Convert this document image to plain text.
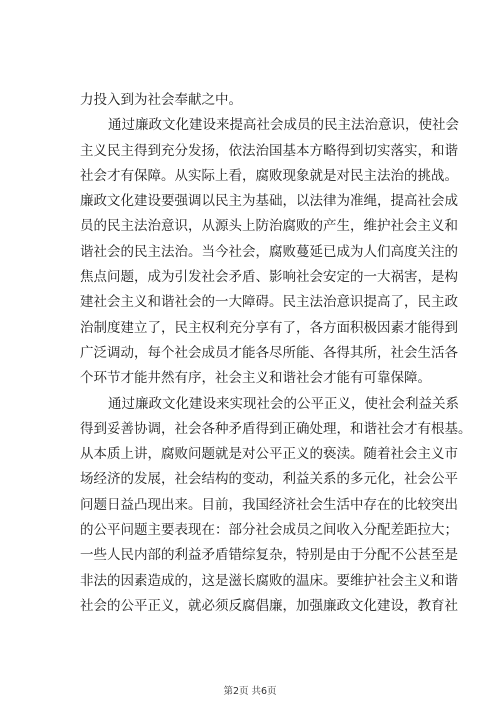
力投入到为社会奉献之中。
通过廉政文化建设来提高社会成员的民主法治意识，使社会
主义民主得到充分发扬，依法治国基本方略得到切实落实，和谐
社会才有保障。从实际上看，腐败现象就是对民主法治的挑战。
廉政文化建设要强调以民主为基础，以法律为准绳，提高社会成
员的民主法治意识，从源头上防治腐败的产生，维护社会主义和
谐社会的民主法治。当今社会，腐败蔓延已成为人们高度关注的
焦点问题，成为引发社会矛盾、影响社会安定的一大祸害，是构
建社会主义和谐社会的一大障碍。民主法治意识提高了，民主政
治制度建立了，民主权利充分享有了，各方面积极因素才能得到
广泛调动，每个社会成员才能各尽所能、各得其所，社会生活各
个环节才能井然有序，社会主义和谐社会才能有可靠保障。
通过廉政文化建设来实现社会的公平正义，使社会利益关系
得到妥善协调，社会各种矛盾得到正确处理，和谐社会才有根基。
从本质上讲，腐败问题就是对公平正义的亵渎。随着社会主义市
场经济的发展，社会结构的变动，利益关系的多元化，社会公平
问题日益凸现出来。目前，我国经济社会生活中存在的比较突出
的公平问题主要表现在：部分社会成员之间收入分配差距拉大；
一些人民内部的利益矛盾错综复杂，特别是由于分配不公甚至是
非法的因素造成的，这是滋长腐败的温床。要维护社会主义和谐
社会的公平正义，就必须反腐倡廉，加强廉政文化建设，教育社
第2页 共6页
